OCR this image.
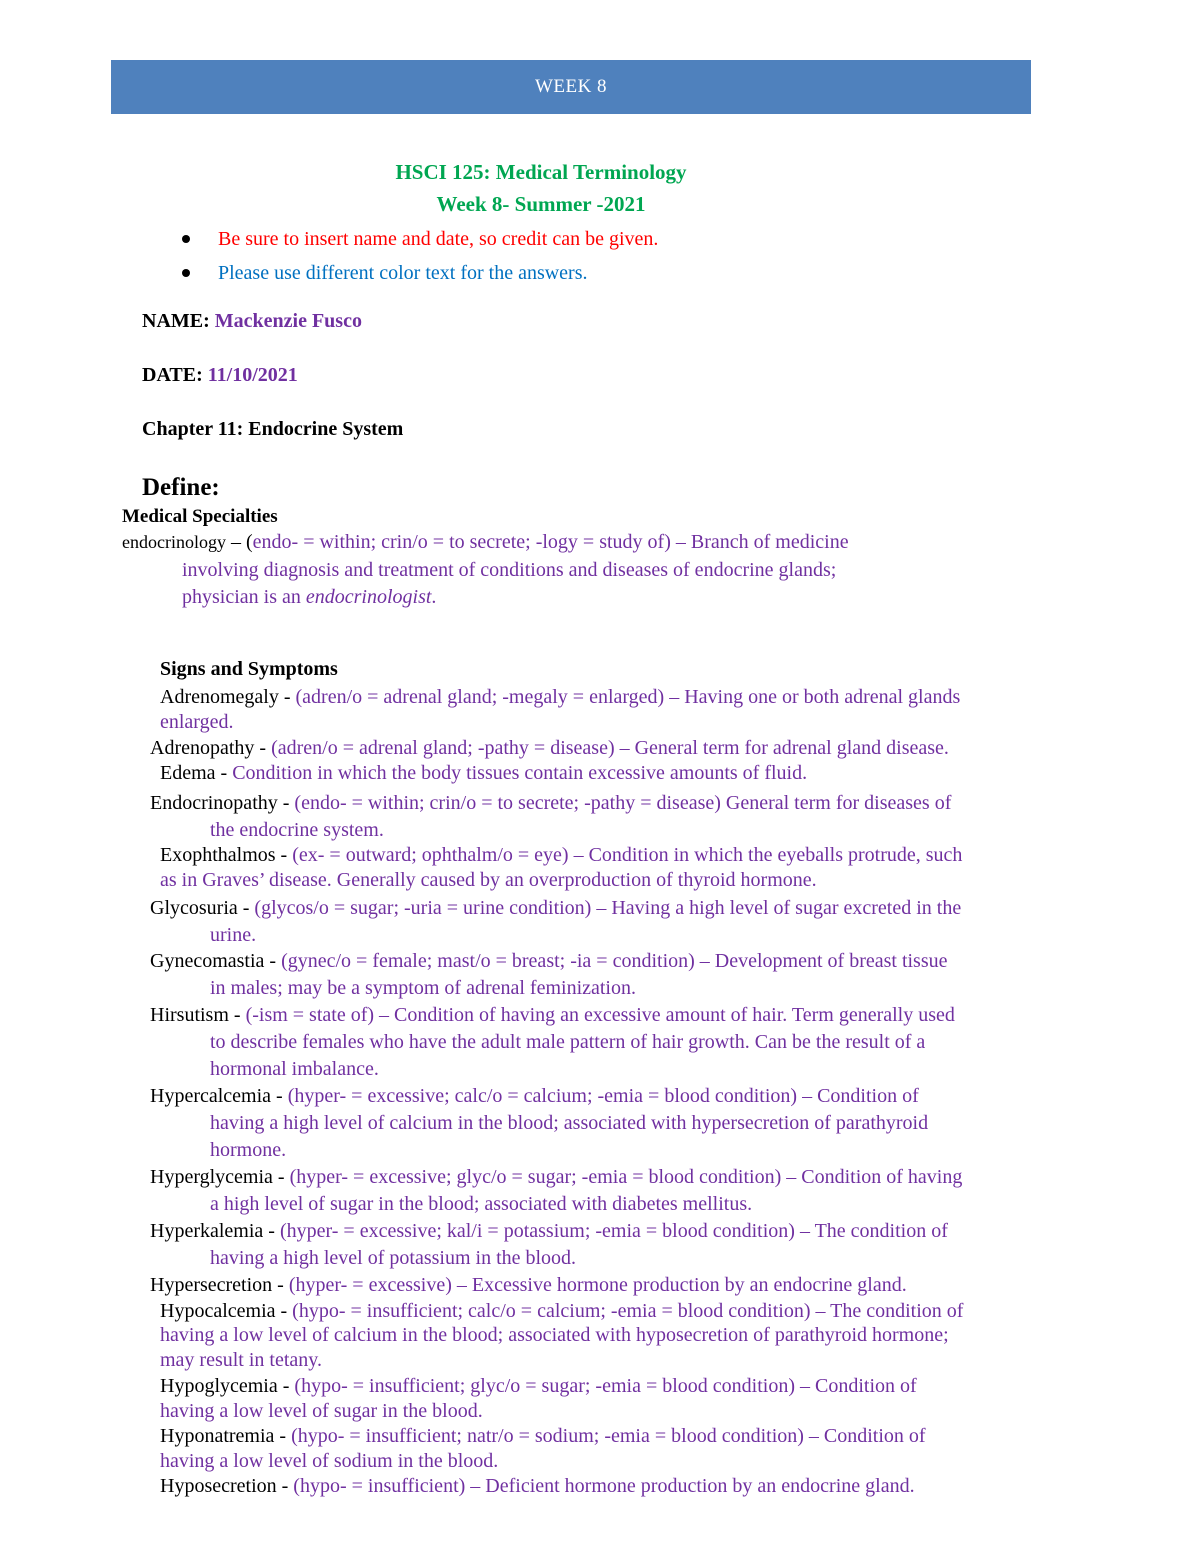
WEEK 8
HSCI 125: Medical Terminology
Week 8- Summer -2021
Be sure to insert name and date, so credit can be given.
Please use different color text for the answers.
NAME: Mackenzie Fusco
DATE: 11/10/2021
Chapter 11: Endocrine System
Define:
Medical Specialties
endocrinology – (endo- = within; crin/o = to secrete; -logy = study of) – Branch of medicine
involving diagnosis and treatment of conditions and diseases of endocrine glands;
physician is an endocrinologist.
Signs and Symptoms
Adrenomegaly - (adren/o = adrenal gland; -megaly = enlarged) – Having one or both adrenal glands
enlarged.
Adrenopathy - (adren/o = adrenal gland; -pathy = disease) – General term for adrenal gland disease.
Edema - Condition in which the body tissues contain excessive amounts of fluid.
Endocrinopathy - (endo- = within; crin/o = to secrete; -pathy = disease) General term for diseases of
the endocrine system.
Exophthalmos - (ex- = outward; ophthalm/o = eye) – Condition in which the eyeballs protrude, such
as in Graves’ disease. Generally caused by an overproduction of thyroid hormone.
Glycosuria - (glycos/o = sugar; -uria = urine condition) – Having a high level of sugar excreted in the
urine.
Gynecomastia - (gynec/o = female; mast/o = breast; -ia = condition) – Development of breast tissue
in males; may be a symptom of adrenal feminization.
Hirsutism - (-ism = state of) – Condition of having an excessive amount of hair. Term generally used
to describe females who have the adult male pattern of hair growth. Can be the result of a
hormonal imbalance.
Hypercalcemia - (hyper- = excessive; calc/o = calcium; -emia = blood condition) – Condition of
having a high level of calcium in the blood; associated with hypersecretion of parathyroid
hormone.
Hyperglycemia - (hyper- = excessive; glyc/o = sugar; -emia = blood condition) – Condition of having
a high level of sugar in the blood; associated with diabetes mellitus.
Hyperkalemia - (hyper- = excessive; kal/i = potassium; -emia = blood condition) – The condition of
having a high level of potassium in the blood.
Hypersecretion - (hyper- = excessive) – Excessive hormone production by an endocrine gland.
Hypocalcemia - (hypo- = insufficient; calc/o = calcium; -emia = blood condition) – The condition of
having a low level of calcium in the blood; associated with hyposecretion of parathyroid hormone;
may result in tetany.
Hypoglycemia - (hypo- = insufficient; glyc/o = sugar; -emia = blood condition) – Condition of
having a low level of sugar in the blood.
Hyponatremia - (hypo- = insufficient; natr/o = sodium; -emia = blood condition) – Condition of
having a low level of sodium in the blood.
Hyposecretion - (hypo- = insufficient) – Deficient hormone production by an endocrine gland.
